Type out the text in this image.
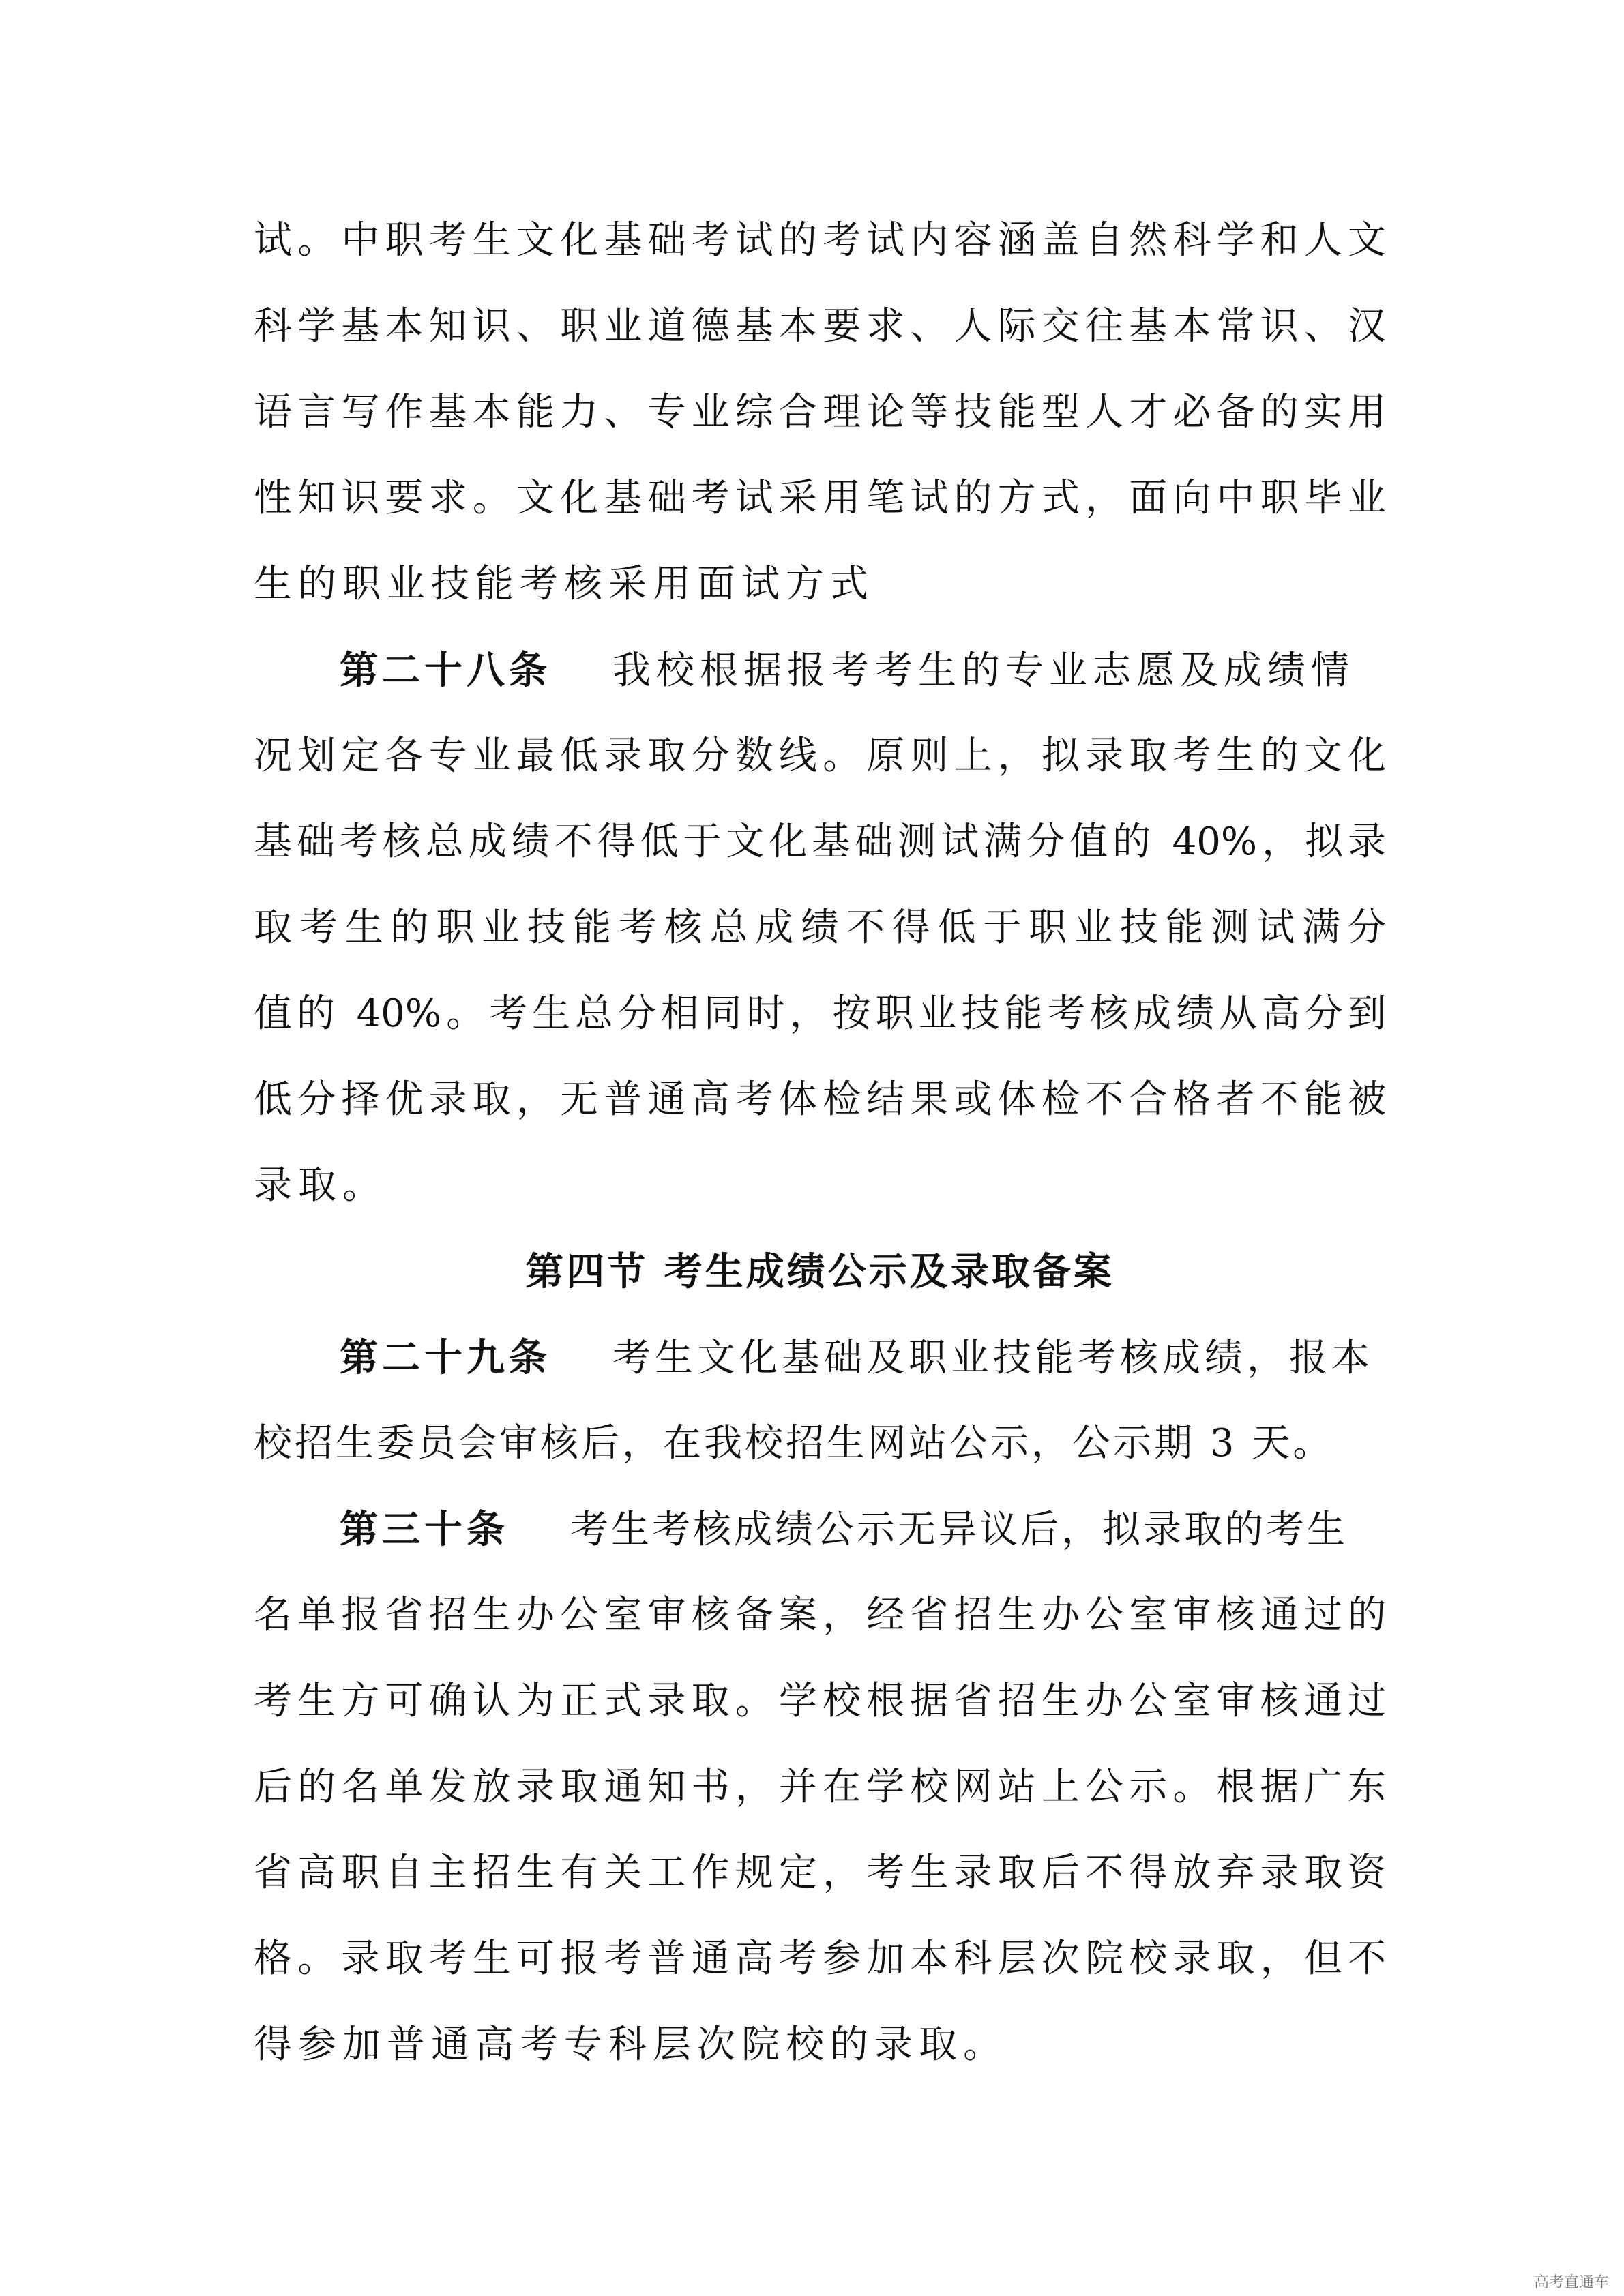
试。中职考生文化基础考试的考试内容涵盖自然科学和人文
科学基本知识、职业道德基本要求、人际交往基本常识、汉
语言写作基本能力、专业综合理论等技能型人才必备的实用
性知识要求。文化基础考试采用笔试的方式，面向中职毕业
生的职业技能考核采用面试方式
第二十八条 我校根据报考考生的专业志愿及成绩情
况划定各专业最低录取分数线。原则上，拟录取考生的文化
基础考核总成绩不得低于文化基础测试满分值的 40%，拟录
取考生的职业技能考核总成绩不得低于职业技能测试满分
值的 40%。考生总分相同时，按职业技能考核成绩从高分到
低分择优录取，无普通高考体检结果或体检不合格者不能被
录取。
第四节 考生成绩公示及录取备案
第二十九条 考生文化基础及职业技能考核成绩，报本
校招生委员会审核后，在我校招生网站公示，公示期 3 天。
第三十条 考生考核成绩公示无异议后，拟录取的考生
名单报省招生办公室审核备案，经省招生办公室审核通过的
考生方可确认为正式录取。学校根据省招生办公室审核通过
后的名单发放录取通知书，并在学校网站上公示。根据广东
省高职自主招生有关工作规定，考生录取后不得放弃录取资
格。录取考生可报考普通高考参加本科层次院校录取，但不
得参加普通高考专科层次院校的录取。
高考直通车
